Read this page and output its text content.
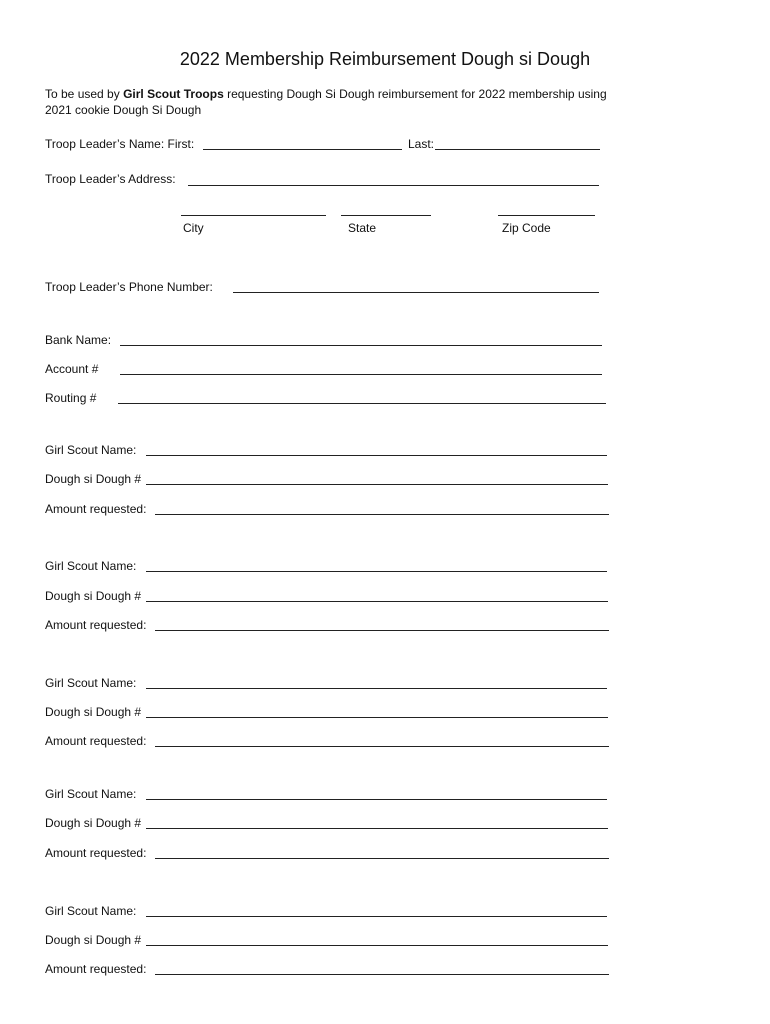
2022 Membership Reimbursement Dough si Dough
To be used by Girl Scout Troops requesting Dough Si Dough reimbursement for 2022 membership using 2021 cookie Dough Si Dough
Troop Leader’s Name: First:	Last:
Troop Leader’s Address:
City	State	Zip Code
Troop Leader’s Phone Number:
Bank Name:
Account #
Routing #
Girl Scout Name:
Dough si Dough #
Amount requested:
Girl Scout Name:
Dough si Dough #
Amount requested:
Girl Scout Name:
Dough si Dough #
Amount requested:
Girl Scout Name:
Dough si Dough #
Amount requested:
Girl Scout Name:
Dough si Dough #
Amount requested:
